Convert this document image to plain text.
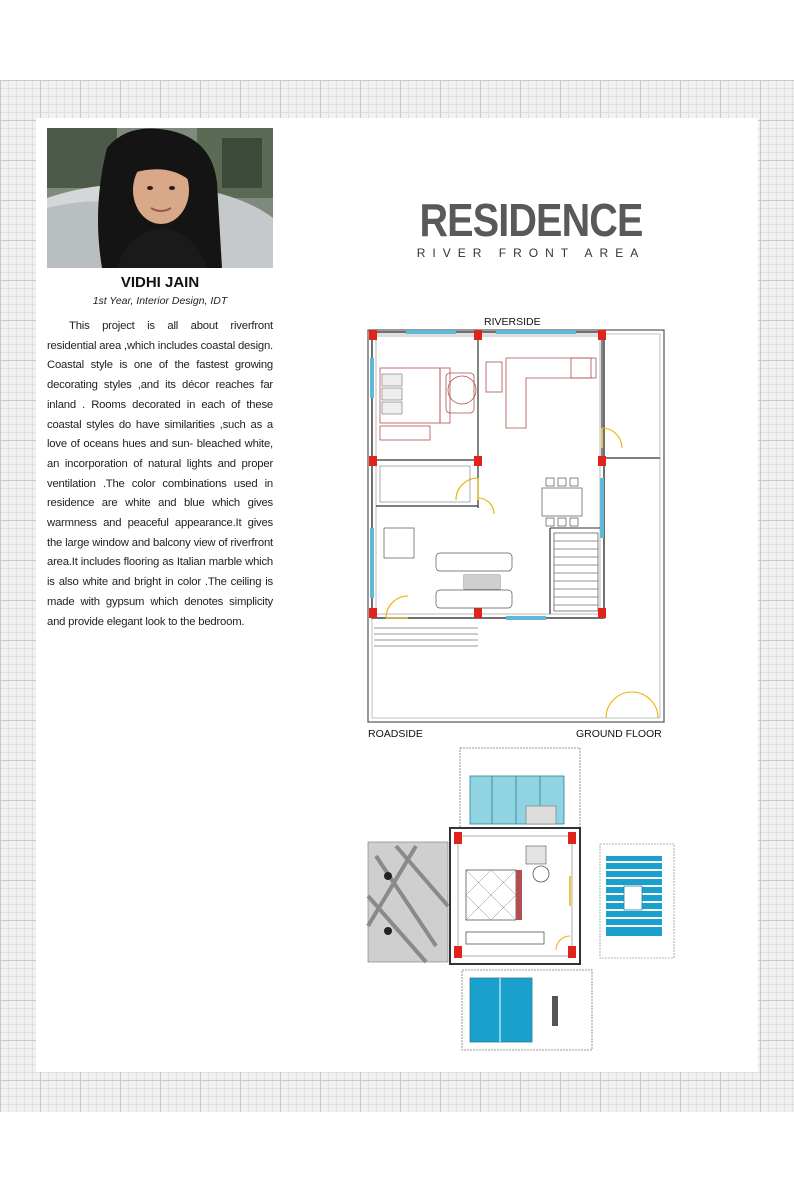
VIDHI JAIN
1st Year, Interior Design, IDT

This project is all about riverfront residential area ,which includes coastal design. Coastal style is one of the fastest growing decorating styles ,and its décor reaches far inland . Rooms decorated in each of these coastal styles do have similarities ,such as a love of oceans hues and sun- bleached white, an incorporation of natural lights and proper ventilation .The color combinations used in residence are white and blue which gives warmness and peaceful appearance.It gives the large window and balcony view of riverfront area.It includes flooring as Italian marble which is also white and bright in color .The ceiling is made with gypsum which denotes simplicity and provide elegant look to the bedroom.

RESIDENCE
RIVER FRONT AREA
RIVERSIDE
ROADSIDE	GROUND FLOOR
